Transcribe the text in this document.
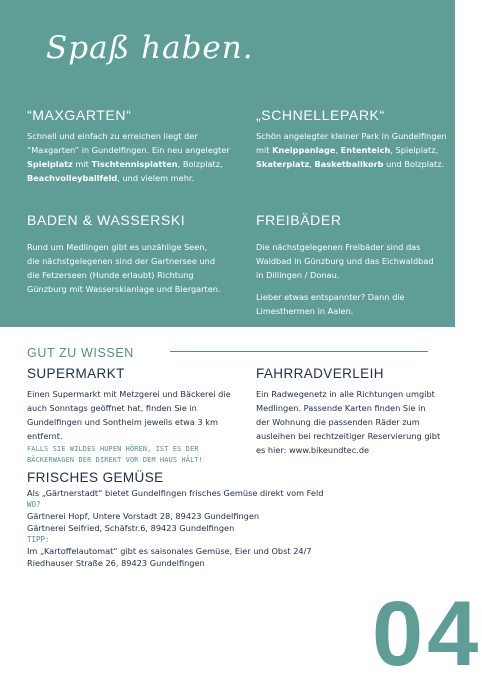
Spaß haben.
“MAXGARTEN“

Schnell und einfach zu erreichen liegt der “Maxgarten” in Gundelfingen. Ein neu angelegter Spielplatz mit Tischtennisplatten, Bolzplatz, Beachvolleyballfeld, und vielem mehr.

„SCHNELLEPARK“

Schön angelegter kleiner Park in Gundelfingen mit Kneippanlage, Ententeich, Spielplatz, Skaterplatz, Basketballkorb und Bolzplatz.

BADEN & WASSERSKI

Rund um Medlingen gibt es unzählige Seen, die nächstgelegenen sind der Gartnersee und die Fetzerseen (Hunde erlaubt) Richtung Günzburg mit Wasserskianlage und Biergarten.

FREIBÄDER

Die nächstgelegenen Freibäder sind das Waldbad in Günzburg und das Eichwaldbad in Dillingen / Donau.

Lieber etwas entspannter? Dann die Limesthermen in Aalen.

GUT ZU WISSEN
SUPERMARKT

Einen Supermarkt mit Metzgerei und Bäckerei die auch Sonntags geöffnet hat, finden Sie in Gundelfingen und Sontheim jeweils etwa 3 km entfernt.

FALLS SIE WILDES HUPEN HÖREN, IST ES DER BÄCKERWAGEN DER DIREKT VOR DEM HAUS HÄLT!

FAHRRADVERLEIH

Ein Radwegenetz in alle Richtungen umgibt Medlingen. Passende Karten finden Sie in der Wohnung die passenden Räder zum ausleihen bei rechtzeitiger Reservierung gibt es hier: www.bikeundtec.de

FRISCHES GEMÜSE

Als „Gärtnerstadt“ bietet Gundelfingen frisches Gemüse direkt vom Feld

WO?

Gärtnerei Hopf, Untere Vorstadt 28, 89423 Gundelfingen

Gärtnerei Seifried, Schäfstr.6, 89423 Gundelfingen

TIPP:

Im „Kartoffelautomat“ gibt es saisonales Gemüse, Eier und Obst 24/7

Riedhauser Straße 26, 89423 Gundelfingen

04
